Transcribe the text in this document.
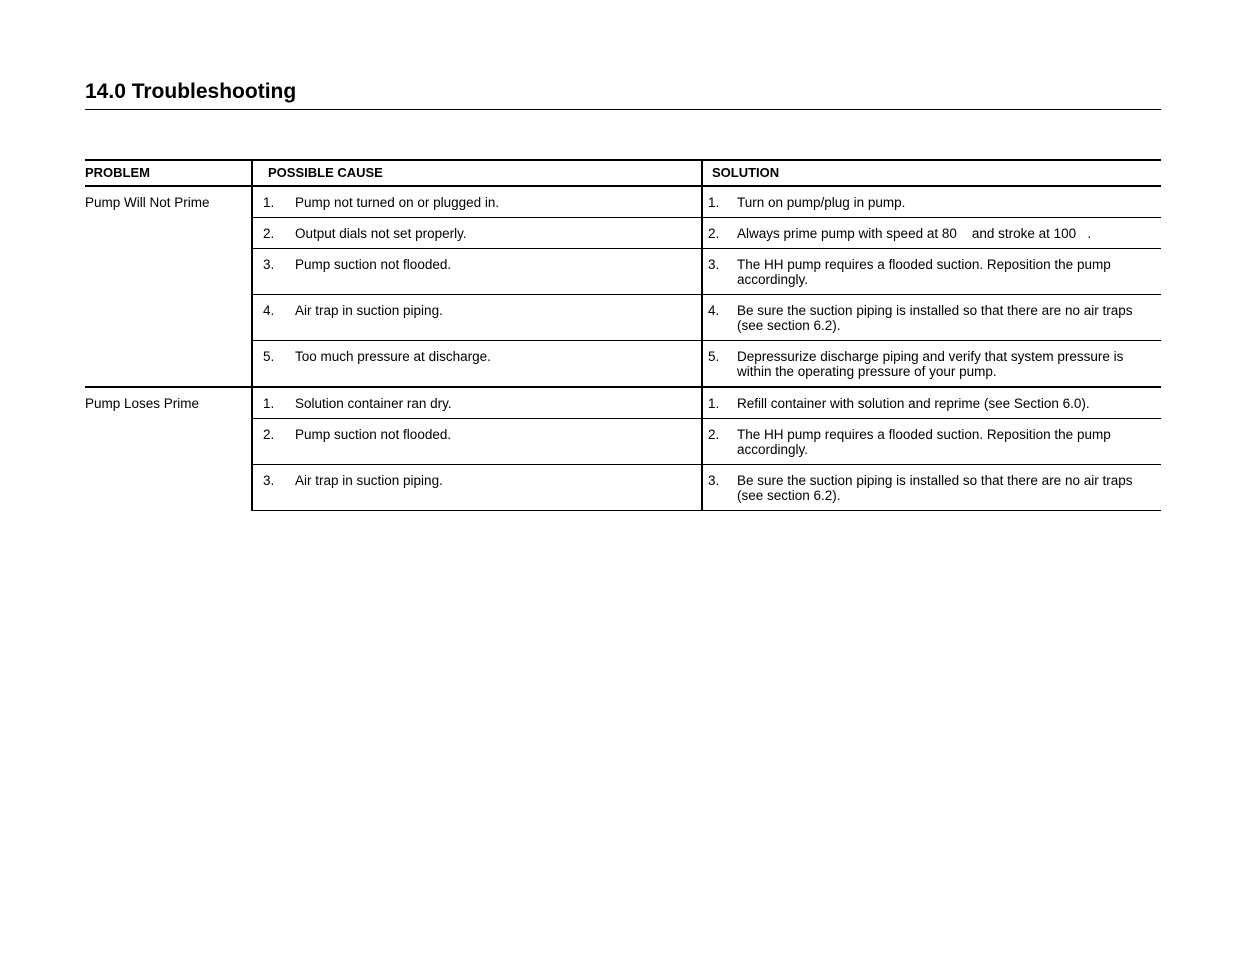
14.0 Troubleshooting
PROBLEM	POSSIBLE CAUSE	SOLUTION
Pump Will Not Prime	1. Pump not turned on or plugged in.	1. Turn on pump/plug in pump.

	2. Output dials not set properly.	2. Always prime pump with speed at 80    and stroke at 100   .

	3. Pump suction not flooded.	3. The HH pump requires a flooded suction. Reposition the pump accordingly.

	4. Air trap in suction piping.	4. Be sure the suction piping is installed so that there are no air traps (see section 6.2).

	5. Too much pressure at discharge.	5. Depressurize discharge piping and verify that system pressure is within the operating pressure of your pump.

Pump Loses Prime	1. Solution container ran dry.	1. Refill container with solution and reprime (see Section 6.0).

	2. Pump suction not flooded.	2. The HH pump requires a flooded suction. Reposition the pump accordingly.

	3. Air trap in suction piping.	3. Be sure the suction piping is installed so that there are no air traps (see section 6.2).
